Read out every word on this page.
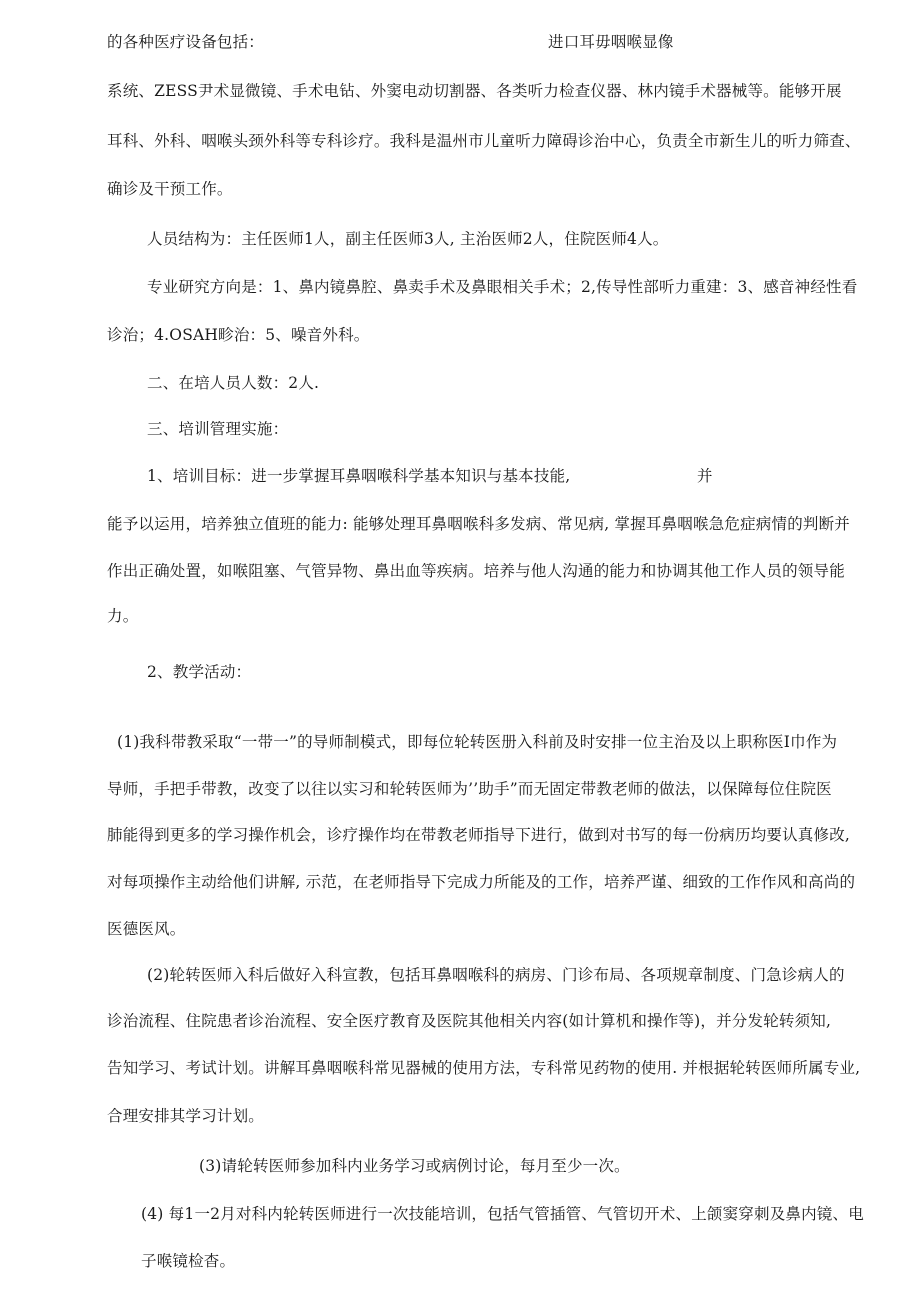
的各种医疗设备包括：	进口耳毋咽喉显像
系统、ZESS尹术显微镜、手术电钻、外窦电动切割器、各类听力检查仪器、林内镜手术器械等。能够开展
耳科、外科、咽喉头颈外科等专科诊疗。我科是温州市儿童听力障碍诊治中心，负责全市新生儿的听力筛查、
确诊及干预工作。
人员结构为：主任医师1人，副主任医师3人, 主治医师2人，住院医师4人。
专业研究方向是：1、鼻内镜鼻腔、鼻卖手术及鼻眼相关手术；2,传导性部听力重建：3、感音神经性看
诊治；4.OSAH畛治：5、噪音外科。
二、在培人员人数：2人.
三、培训管理实施：
1、培训目标：进一步掌握耳鼻咽喉科学基本知识与基本技能,	并
能予以运用，培养独立值班的能力: 能够处理耳鼻咽喉科多发病、常见病, 掌握耳鼻咽喉急危症病情的判断并
作出正确处置，如喉阻塞、气管异物、鼻出血等疾病。培养与他人沟通的能力和协调其他工作人员的领导能
力。
2、教学活动：
(1)我科带教采取“一带一”的导师制模式，即每位轮转医册入科前及时安排一位主治及以上职称医I巾作为
导师，手把手带教，改变了以往以实习和轮转医师为’’助手”而无固定带教老师的做法，以保障每位住院医
肺能得到更多的学习操作机会，诊疗操作均在带教老师指导下进行，做到对书写的每一份病历均要认真修改,
对每项操作主动给他们讲解, 示范，在老师指导下完成力所能及的工作，培养严谨、细致的工作作风和高尚的
医德医风。
(2)轮转医师入科后做好入科宣教，包括耳鼻咽喉科的病房、门诊布局、各项规章制度、门急诊病人的
诊治流程、住院患者诊治流程、安全医疗教育及医院其他相关内容(如计算机和操作等)，并分发轮转须知,
告知学习、考试计划。讲解耳鼻咽喉科常见器械的使用方法，专科常见药物的使用. 并根据轮转医师所属专业,
合理安排其学习计划。
(3)请轮转医师参加科内业务学习或病例讨论，每月至少一次。
(4) 每1一2月对科内轮转医师进行一次技能培训，包括气管插管、气管切开术、上颌窦穿刺及鼻内镜、电
子喉镜检杳。
